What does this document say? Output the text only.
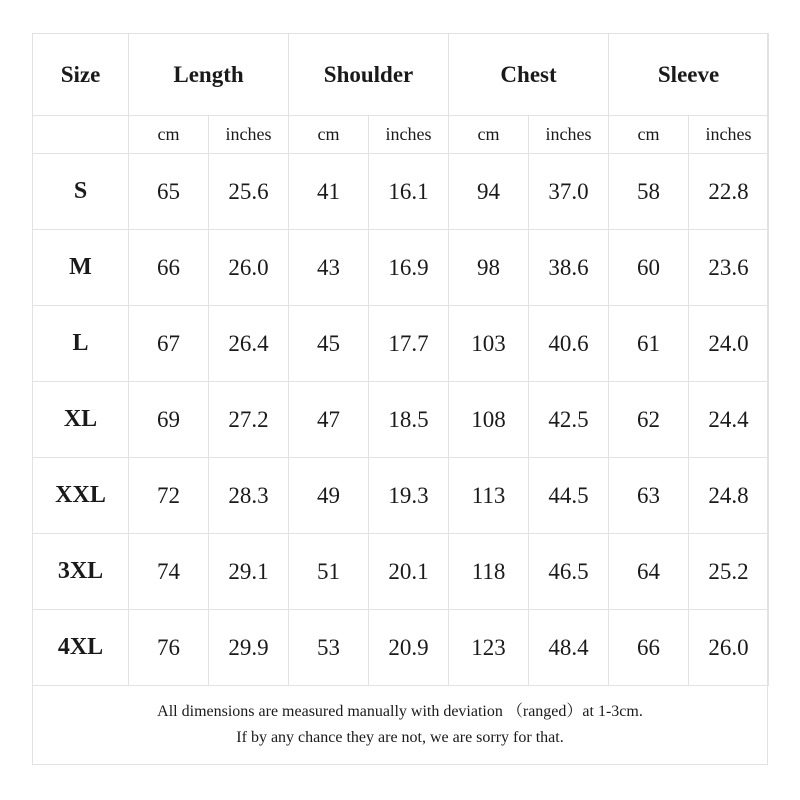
Size	Length		Shoulder		Chest		Sleeve	
	cm	inches	cm	inches	cm	inches	cm	inches
S	65	25.6	41	16.1	94	37.0	58	22.8
M	66	26.0	43	16.9	98	38.6	60	23.6
L	67	26.4	45	17.7	103	40.6	61	24.0
XL	69	27.2	47	18.5	108	42.5	62	24.4
XXL	72	28.3	49	19.3	113	44.5	63	24.8
3XL	74	29.1	51	20.1	118	46.5	64	25.2
4XL	76	29.9	53	20.9	123	48.4	66	26.0
All dimensions are measured manually with deviation （ranged）at 1-3cm.
If by any chance they are not, we are sorry for that.
